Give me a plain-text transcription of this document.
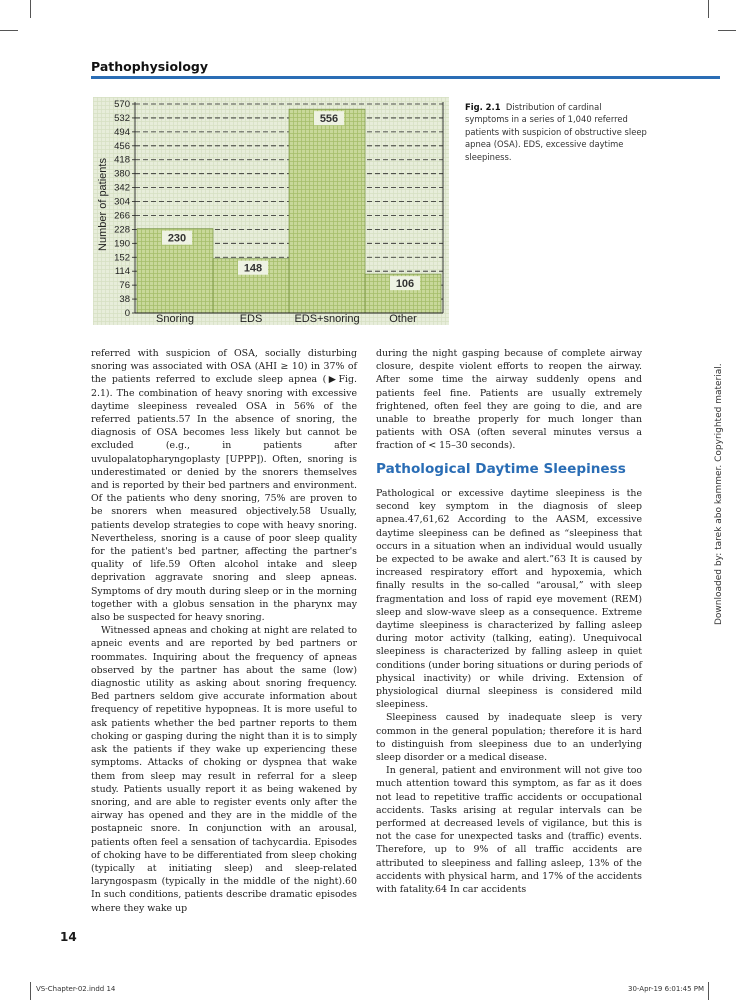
Pathophysiology
0
38
76
114
152
190
228
266
304
342
380
418
456
494
532
570
Number of patients	230
Snoring
148
EDS
556
EDS+snoring
106
Other
Fig. 2.1 Distribution of cardinal symptoms in a series of 1,040 referred patients with suspicion of obstructive sleep apnea (OSA). EDS, excessive daytime sleepiness.

referred with suspicion of OSA, socially disturbing snoring was associated with OSA (AHI ≥ 10) in 37% of the patients referred to exclude sleep apnea (▶Fig. 2.1). The combination of heavy snoring with excessive daytime sleepiness revealed OSA in 56% of the referred patients.57 In the absence of snoring, the diagnosis of OSA becomes less likely but cannot be excluded (e.g., in patients after uvulopalatopharyngoplasty [UPPP]). Often, snoring is underestimated or denied by the snorers themselves and is reported by their bed partners and environment. Of the patients who deny snoring, 75% are proven to be snorers when measured objectively.58 Usually, patients develop strategies to cope with heavy snoring. Nevertheless, snoring is a cause of poor sleep quality for the patient's bed partner, affecting the partner's quality of life.59 Often alcohol intake and sleep deprivation aggravate snoring and sleep apneas. Symptoms of dry mouth during sleep or in the morning together with a globus sensation in the pharynx may also be suspected for heavy snoring.

Witnessed apneas and choking at night are related to apneic events and are reported by bed partners or roommates. Inquiring about the frequency of apneas observed by the partner has about the same (low) diagnostic utility as asking about snoring frequency. Bed partners seldom give accurate information about frequency of repetitive hypopneas. It is more useful to ask patients whether the bed partner reports to them choking or gasping during the night than it is to simply ask the patients if they wake up experiencing these symptoms. Attacks of choking or dyspnea that wake them from sleep may result in referral for a sleep study. Patients usually report it as being wakened by snoring, and are able to register events only after the airway has opened and they are in the middle of the postapneic snore. In conjunction with an arousal, patients often feel a sensation of tachycardia. Episodes of choking have to be differentiated from sleep choking (typically at initiating sleep) and sleep-related laryngospasm (typically in the middle of the night).60 In such conditions, patients describe dramatic episodes where they wake up

during the night gasping because of complete airway closure, despite violent efforts to reopen the airway. After some time the airway suddenly opens and patients feel fine. Patients are usually extremely frightened, often feel they are going to die, and are unable to breathe properly for much longer than patients with OSA (often several minutes versus a fraction of < 15–30 seconds).

Pathological Daytime Sleepiness

Pathological or excessive daytime sleepiness is the second key symptom in the diagnosis of sleep apnea.47,61,62 According to the AASM, excessive daytime sleepiness can be defined as “sleepiness that occurs in a situation when an individual would usually be expected to be awake and alert.”63 It is caused by increased respiratory effort and hypoxemia, which finally results in the so-called “arousal,” with sleep fragmentation and loss of rapid eye movement (REM) sleep and slow-wave sleep as a consequence. Extreme daytime sleepiness is characterized by falling asleep during motor activity (talking, eating). Unequivocal sleepiness is characterized by falling asleep in quiet conditions (under boring situations or during periods of physical inactivity) or while driving. Extension of physiological diurnal sleepiness is considered mild sleepiness.

Sleepiness caused by inadequate sleep is very common in the general population; therefore it is hard to distinguish from sleepiness due to an underlying sleep disorder or a medical disease.

In general, patient and environment will not give too much attention toward this symptom, as far as it does not lead to repetitive traffic accidents or occupational accidents. Tasks arising at regular intervals can be performed at decreased levels of vigilance, but this is not the case for unexpected tasks and (traffic) events. Therefore, up to 9% of all traffic accidents are attributed to sleepiness and falling asleep, 13% of the accidents with physical harm, and 17% of the accidents with fatality.64 In car accidents

14
Downloaded by: tarek abo kammer. Copyrighted material.
VS-Chapter-02.indd 14	30-Apr-19 6:01:45 PM
